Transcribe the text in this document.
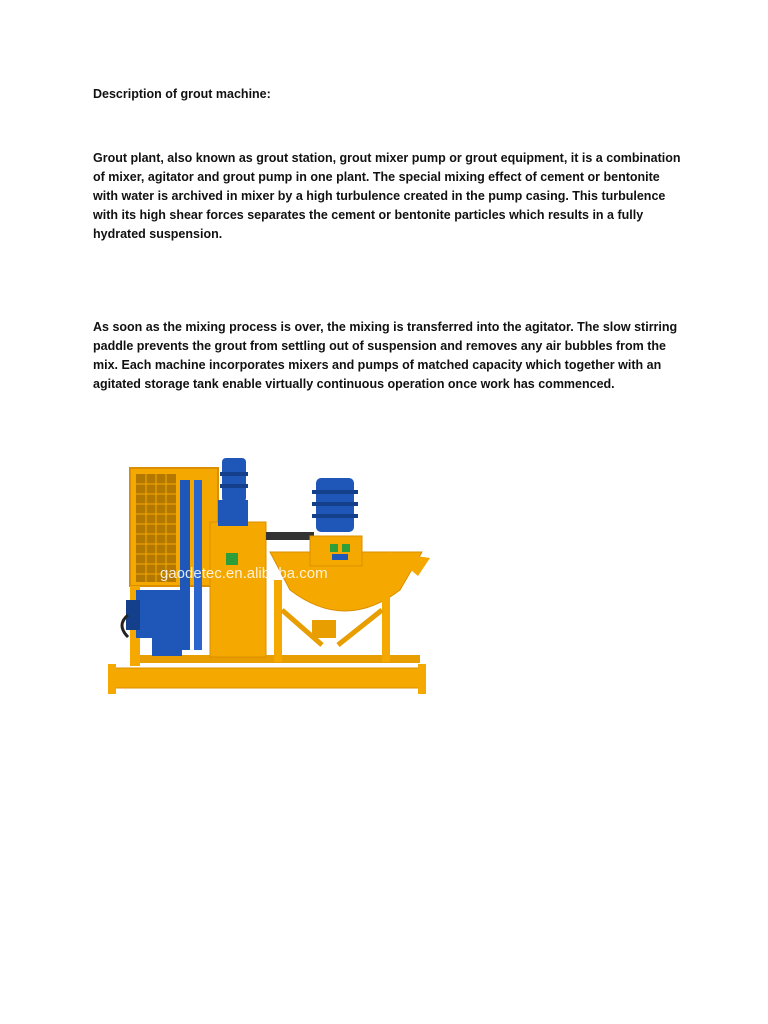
Description of grout machine:

Grout plant, also known as grout station, grout mixer pump or grout equipment, it is a combination of mixer, agitator and grout pump in one plant. The special mixing effect of cement or bentonite with water is archived in mixer by a high turbulence created in the pump casing. This turbulence with its high shear forces separates the cement or bentonite particles which results in a fully hydrated suspension.

As soon as the mixing process is over, the mixing is transferred into the agitator. The slow stirring paddle prevents the grout from settling out of suspension and removes any air bubbles from the mix. Each machine incorporates mixers and pumps of matched capacity which together with an agitated storage tank enable virtually continuous operation once work has commenced.

gaodetec.en.alibaba.com
